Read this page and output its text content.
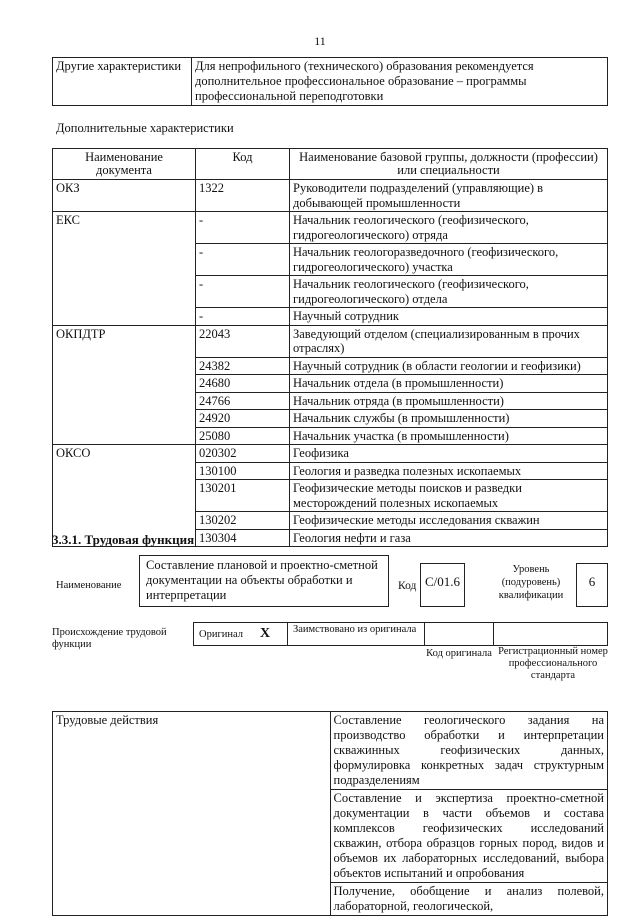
11
Другие характеристики	Для непрофильного (технического) образования рекомендуется дополнительное профессиональное образование – программы профессиональной переподготовки
Дополнительные характеристики
Наименование документа	Код	Наименование базовой группы, должности (профессии) или специальности
ОКЗ	1322	Руководители подразделений (управляющие) в добывающей промышленности
ЕКС	-	Начальник геологического (геофизического, гидрогеологического) отряда
	-	Начальник геологоразведочного (геофизического, гидрогеологического) участка
	-	Начальник геологического (геофизического, гидрогеологического) отдела
	-	Научный сотрудник
ОКПДТР	22043	Заведующий отделом (специализированным в прочих отраслях)
	24382	Научный сотрудник (в области геологии и геофизики)
	24680	Начальник отдела (в промышленности)
	24766	Начальник отряда (в промышленности)
	24920	Начальник службы (в промышленности)
	25080	Начальник участка (в промышленности)
ОКСО	020302	Геофизика
	130100	Геология и разведка полезных ископаемых
	130201	Геофизические методы поисков и разведки месторождений полезных ископаемых
	130202	Геофизические методы исследования скважин
	130304	Геология нефти и газа
3.3.1. Трудовая функция
Наименование
Составление плановой и проектно-сметной документации на объекты обработки и интерпретации
Код C/01.6
Уровень (подуровень) квалификации
6
Происхождение трудовой функции
Оригинал X Заимствовано из оригинала
Код оригинала Регистрационный номер профессионального стандарта
Трудовые действия	Составление геологического задания на производство обработки и интерпретации скважинных геофизических данных, формулировка конкретных задач структурным подразделениям
Составление и экспертиза проектно-сметной документации в части объемов и состава комплексов геофизических исследований скважин, отбора образцов горных пород, видов и объемов их лабораторных исследований, выбора объектов испытаний и опробования
Получение, обобщение и анализ полевой, лабораторной, геологической,
